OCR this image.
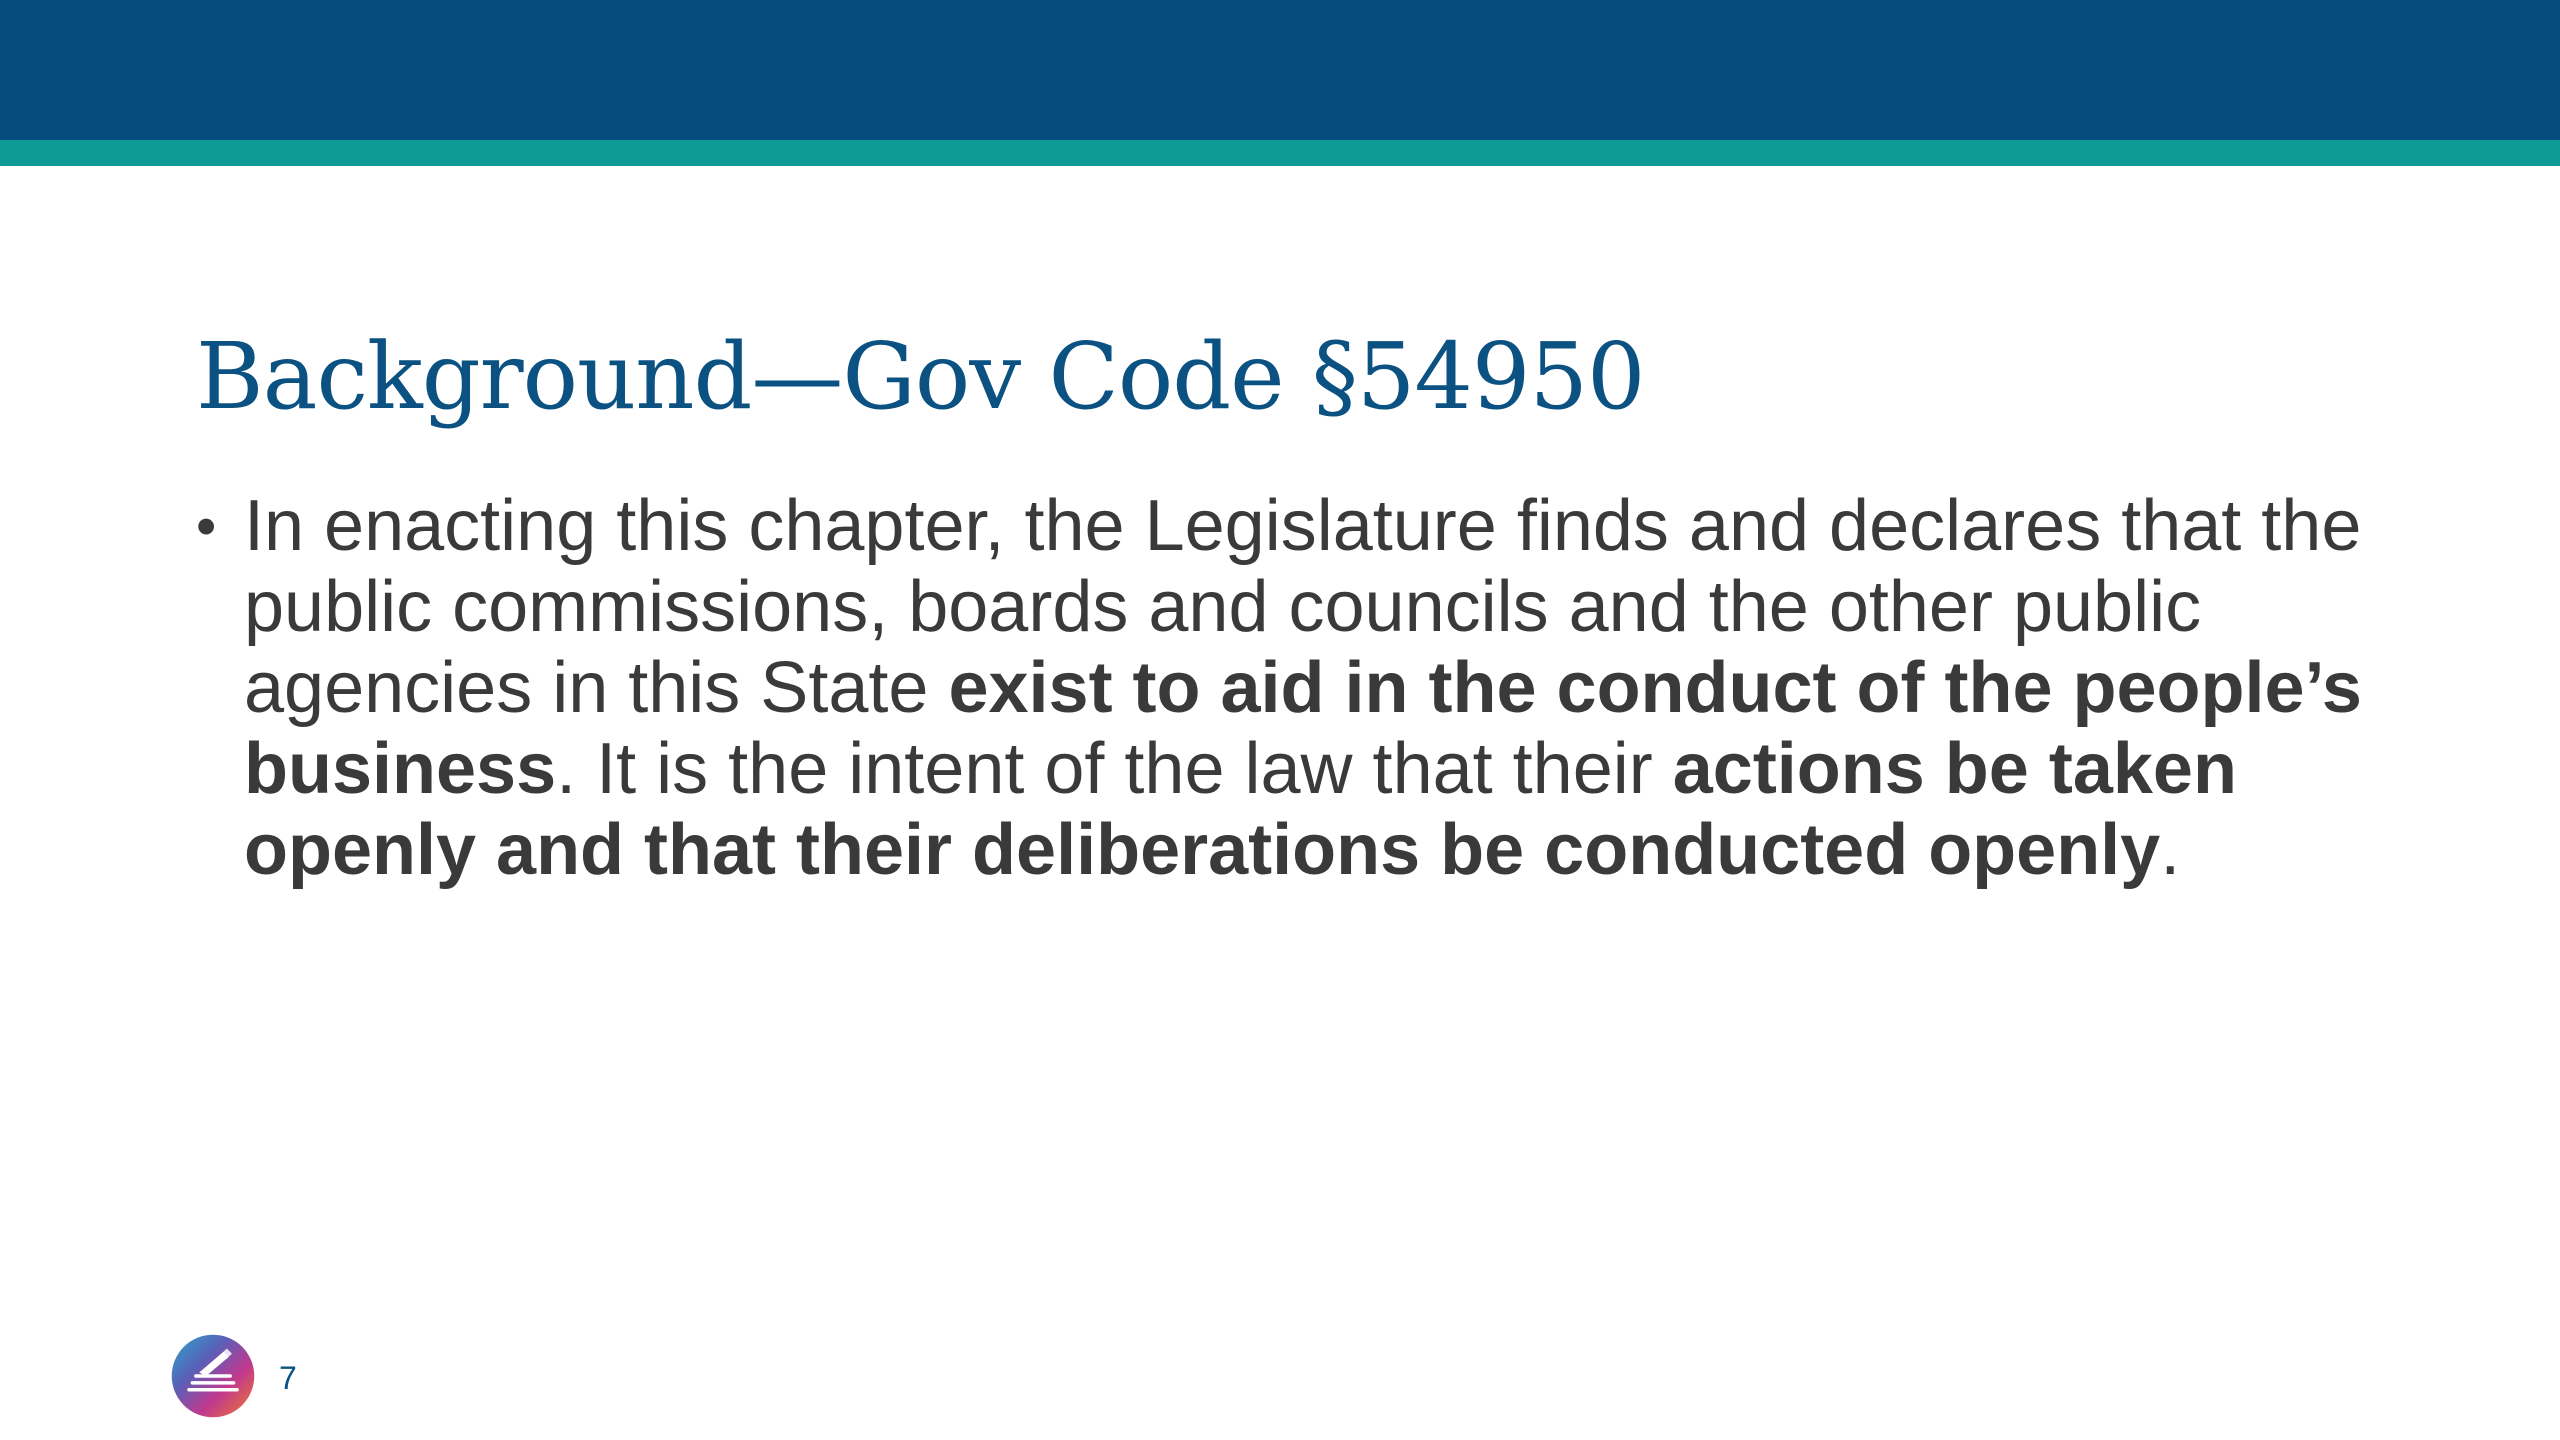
Background—Gov Code §54950
• In enacting this chapter, the Legislature finds and declares that the public commissions, boards and councils and the other public agencies in this State exist to aid in the conduct of the people’s business. It is the intent of the law that their actions be taken openly and that their deliberations be conducted openly.
7
